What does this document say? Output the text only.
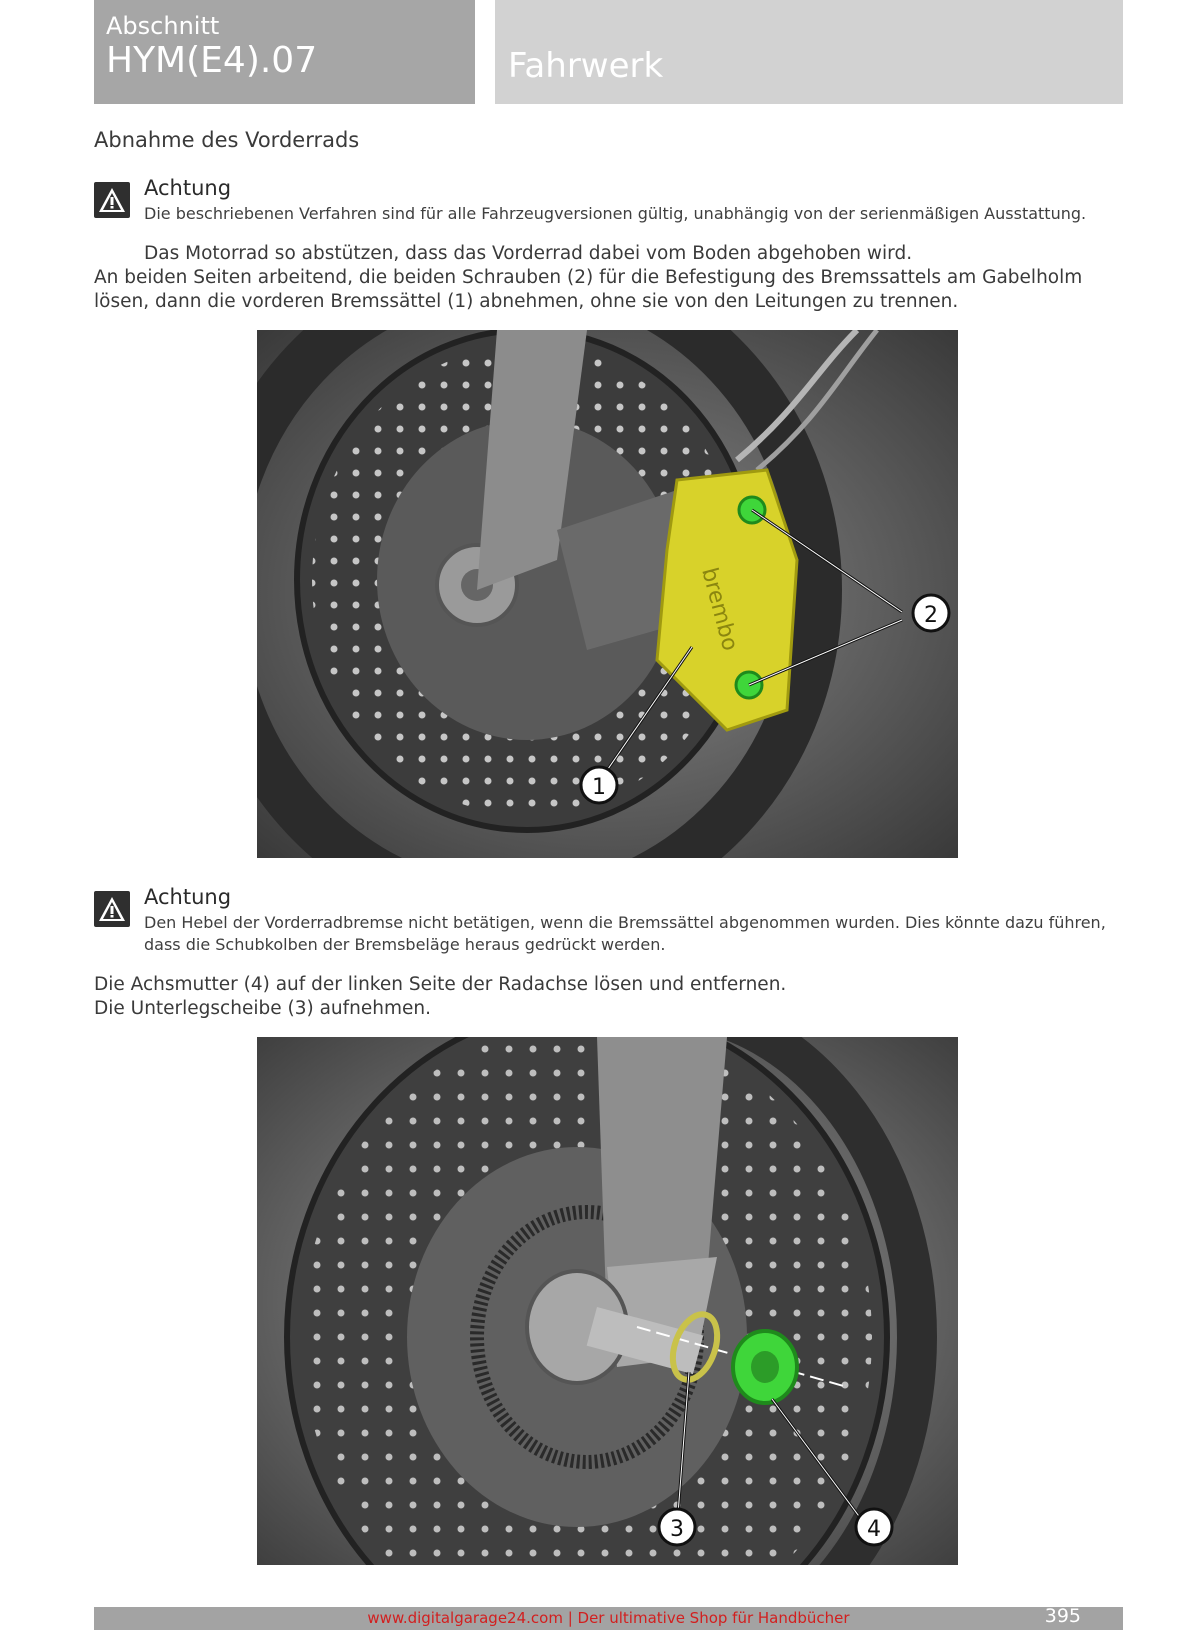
Abschnitt
HYM(E4).07	Fahrwerk
Abnahme des Vorderrads
Achtung
Die beschriebenen Verfahren sind für alle Fahrzeugversionen gültig, unabhängig von der serienmäßigen Ausstattung.
Das Motorrad so abstützen, dass das Vorderrad dabei vom Boden abgehoben wird.
An beiden Seiten arbeitend, die beiden Schrauben (2) für die Befestigung des Bremssattels am Gabelholm lösen, dann die vorderen Bremssättel (1) abnehmen, ohne sie von den Leitungen zu trennen.
brembo	2
1
Achtung
Den Hebel der Vorderradbremse nicht betätigen, wenn die Bremssättel abgenommen wurden. Dies könnte dazu führen, dass die Schubkolben der Bremsbeläge heraus gedrückt werden.
Die Achsmutter (4) auf der linken Seite der Radachse lösen und entfernen.
Die Unterlegscheibe (3) aufnehmen.
3	4
www.digitalgarage24.com | Der ultimative Shop für Handbücher	395
